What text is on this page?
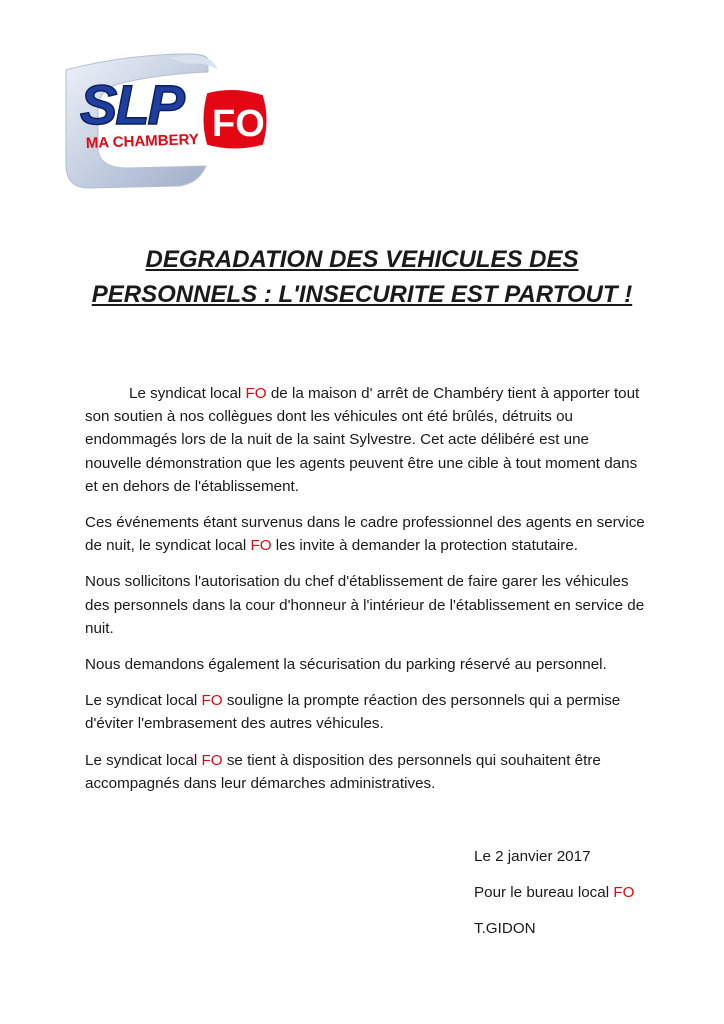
SLP
MA CHAMBERY FO
DEGRADATION DES VEHICULES DES
PERSONNELS : L'INSECURITE EST PARTOUT !

Le syndicat local FO de la maison d' arrêt de Chambéry tient à apporter tout son soutien à nos collègues dont les véhicules ont été brûlés, détruits ou endommagés lors de la nuit de la saint Sylvestre. Cet acte délibéré est une nouvelle démonstration que les agents peuvent être une cible à tout moment dans et en dehors de l'établissement.

Ces événements étant survenus dans le cadre professionnel des agents en service de nuit, le syndicat local FO les invite à demander la protection statutaire.

Nous sollicitons l'autorisation du chef d'établissement de faire garer les véhicules des personnels dans la cour d'honneur à l'intérieur de l'établissement en service de nuit.

Nous demandons également la sécurisation du parking réservé au personnel.

Le syndicat local FO souligne la prompte réaction des personnels qui a permise d'éviter l'embrasement des autres véhicules.

Le syndicat local FO se tient à disposition des personnels qui souhaitent être accompagnés dans leur démarches administratives.

Le 2 janvier 2017
Pour le bureau local FO
T.GIDON
